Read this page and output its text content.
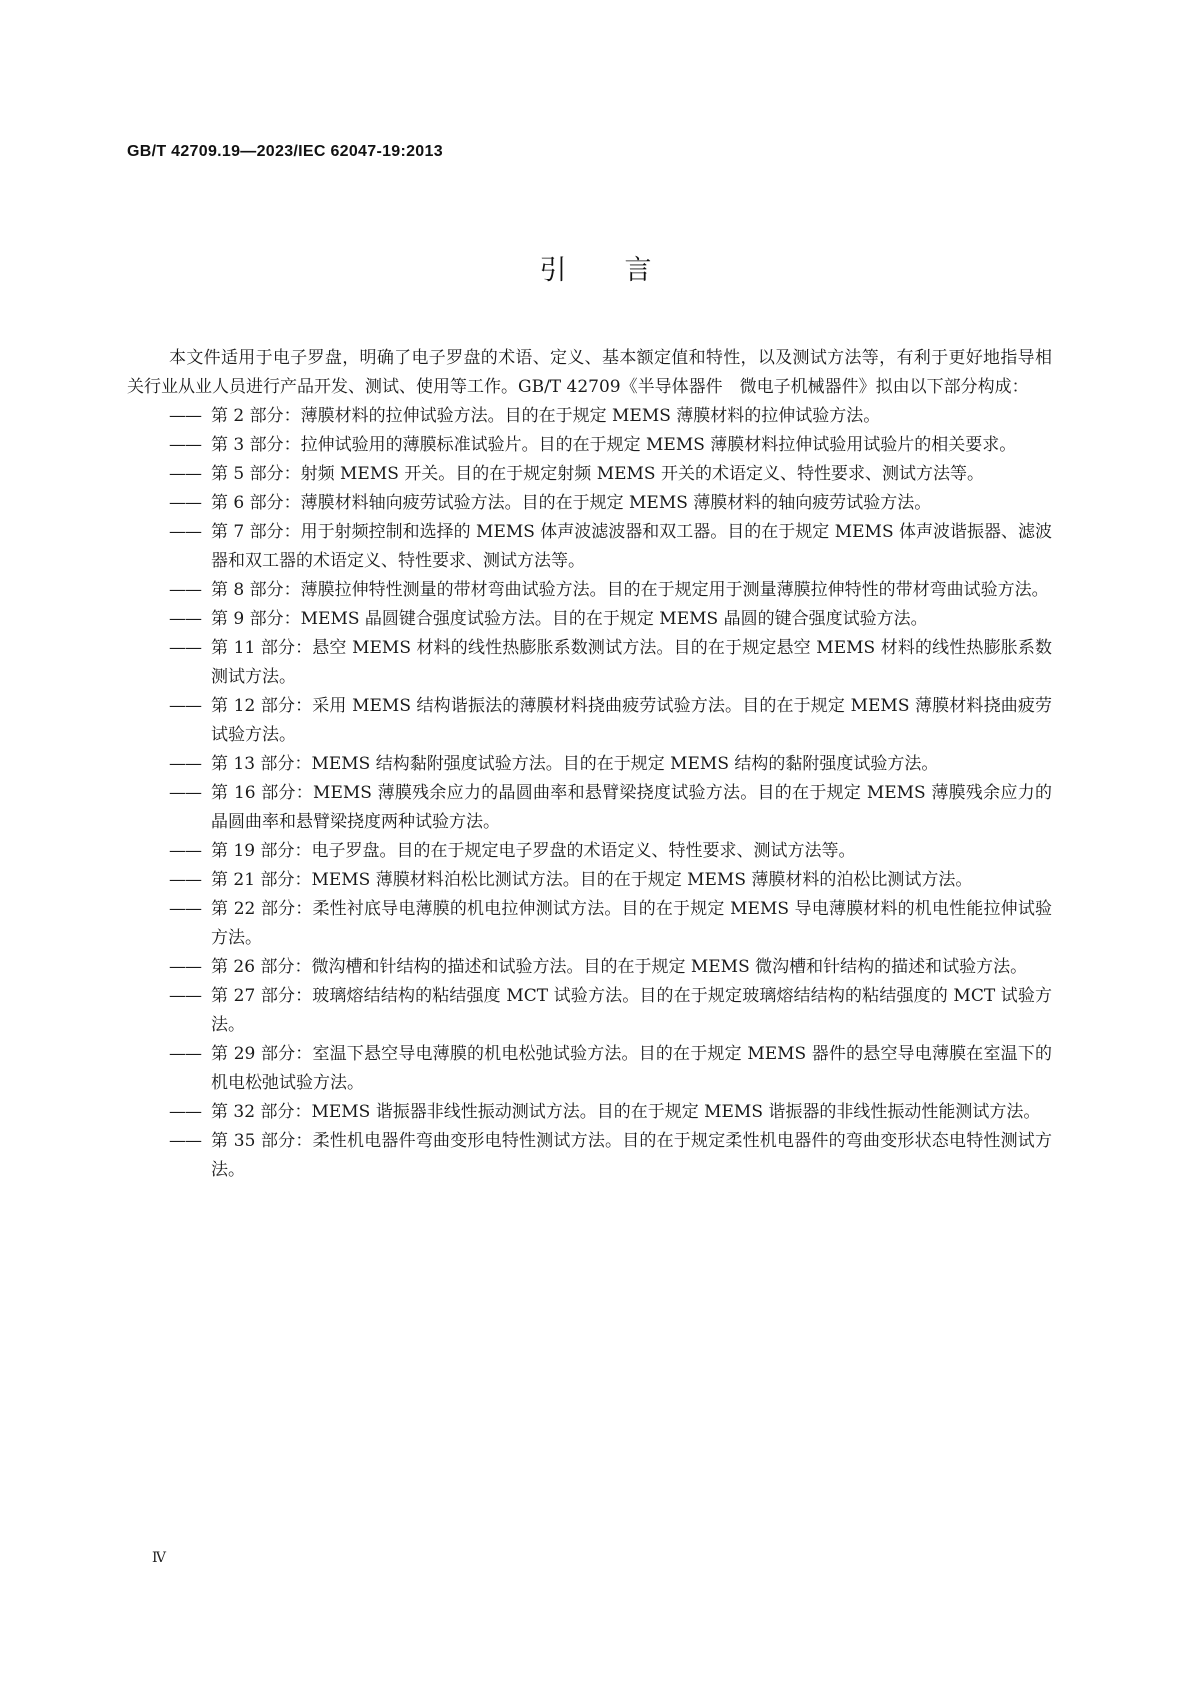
GB/T 42709.19—2023/IEC 62047-19:2013
引言

本文件适用于电子罗盘，明确了电子罗盘的术语、定义、基本额定值和特性，以及测试方法等，有利于更好地指导相关行业从业人员进行产品开发、测试、使用等工作。GB/T 42709《半导体器件　微电子机械器件》拟由以下部分构成：

—— 第 2 部分：薄膜材料的拉伸试验方法。目的在于规定 MEMS 薄膜材料的拉伸试验方法。
—— 第 3 部分：拉伸试验用的薄膜标准试验片。目的在于规定 MEMS 薄膜材料拉伸试验用试验片的相关要求。
—— 第 5 部分：射频 MEMS 开关。目的在于规定射频 MEMS 开关的术语定义、特性要求、测试方法等。
—— 第 6 部分：薄膜材料轴向疲劳试验方法。目的在于规定 MEMS 薄膜材料的轴向疲劳试验方法。
—— 第 7 部分：用于射频控制和选择的 MEMS 体声波滤波器和双工器。目的在于规定 MEMS 体声波谐振器、滤波器和双工器的术语定义、特性要求、测试方法等。
—— 第 8 部分：薄膜拉伸特性测量的带材弯曲试验方法。目的在于规定用于测量薄膜拉伸特性的带材弯曲试验方法。
—— 第 9 部分：MEMS 晶圆键合强度试验方法。目的在于规定 MEMS 晶圆的键合强度试验方法。
—— 第 11 部分：悬空 MEMS 材料的线性热膨胀系数测试方法。目的在于规定悬空 MEMS 材料的线性热膨胀系数测试方法。
—— 第 12 部分：采用 MEMS 结构谐振法的薄膜材料挠曲疲劳试验方法。目的在于规定 MEMS 薄膜材料挠曲疲劳试验方法。
—— 第 13 部分：MEMS 结构黏附强度试验方法。目的在于规定 MEMS 结构的黏附强度试验方法。
—— 第 16 部分：MEMS 薄膜残余应力的晶圆曲率和悬臂梁挠度试验方法。目的在于规定 MEMS 薄膜残余应力的晶圆曲率和悬臂梁挠度两种试验方法。
—— 第 19 部分：电子罗盘。目的在于规定电子罗盘的术语定义、特性要求、测试方法等。
—— 第 21 部分：MEMS 薄膜材料泊松比测试方法。目的在于规定 MEMS 薄膜材料的泊松比测试方法。
—— 第 22 部分：柔性衬底导电薄膜的机电拉伸测试方法。目的在于规定 MEMS 导电薄膜材料的机电性能拉伸试验方法。
—— 第 26 部分：微沟槽和针结构的描述和试验方法。目的在于规定 MEMS 微沟槽和针结构的描述和试验方法。
—— 第 27 部分：玻璃熔结结构的粘结强度 MCT 试验方法。目的在于规定玻璃熔结结构的粘结强度的 MCT 试验方法。
—— 第 29 部分：室温下悬空导电薄膜的机电松弛试验方法。目的在于规定 MEMS 器件的悬空导电薄膜在室温下的机电松弛试验方法。
—— 第 32 部分：MEMS 谐振器非线性振动测试方法。目的在于规定 MEMS 谐振器的非线性振动性能测试方法。
—— 第 35 部分：柔性机电器件弯曲变形电特性测试方法。目的在于规定柔性机电器件的弯曲变形状态电特性测试方法。
Ⅳ
